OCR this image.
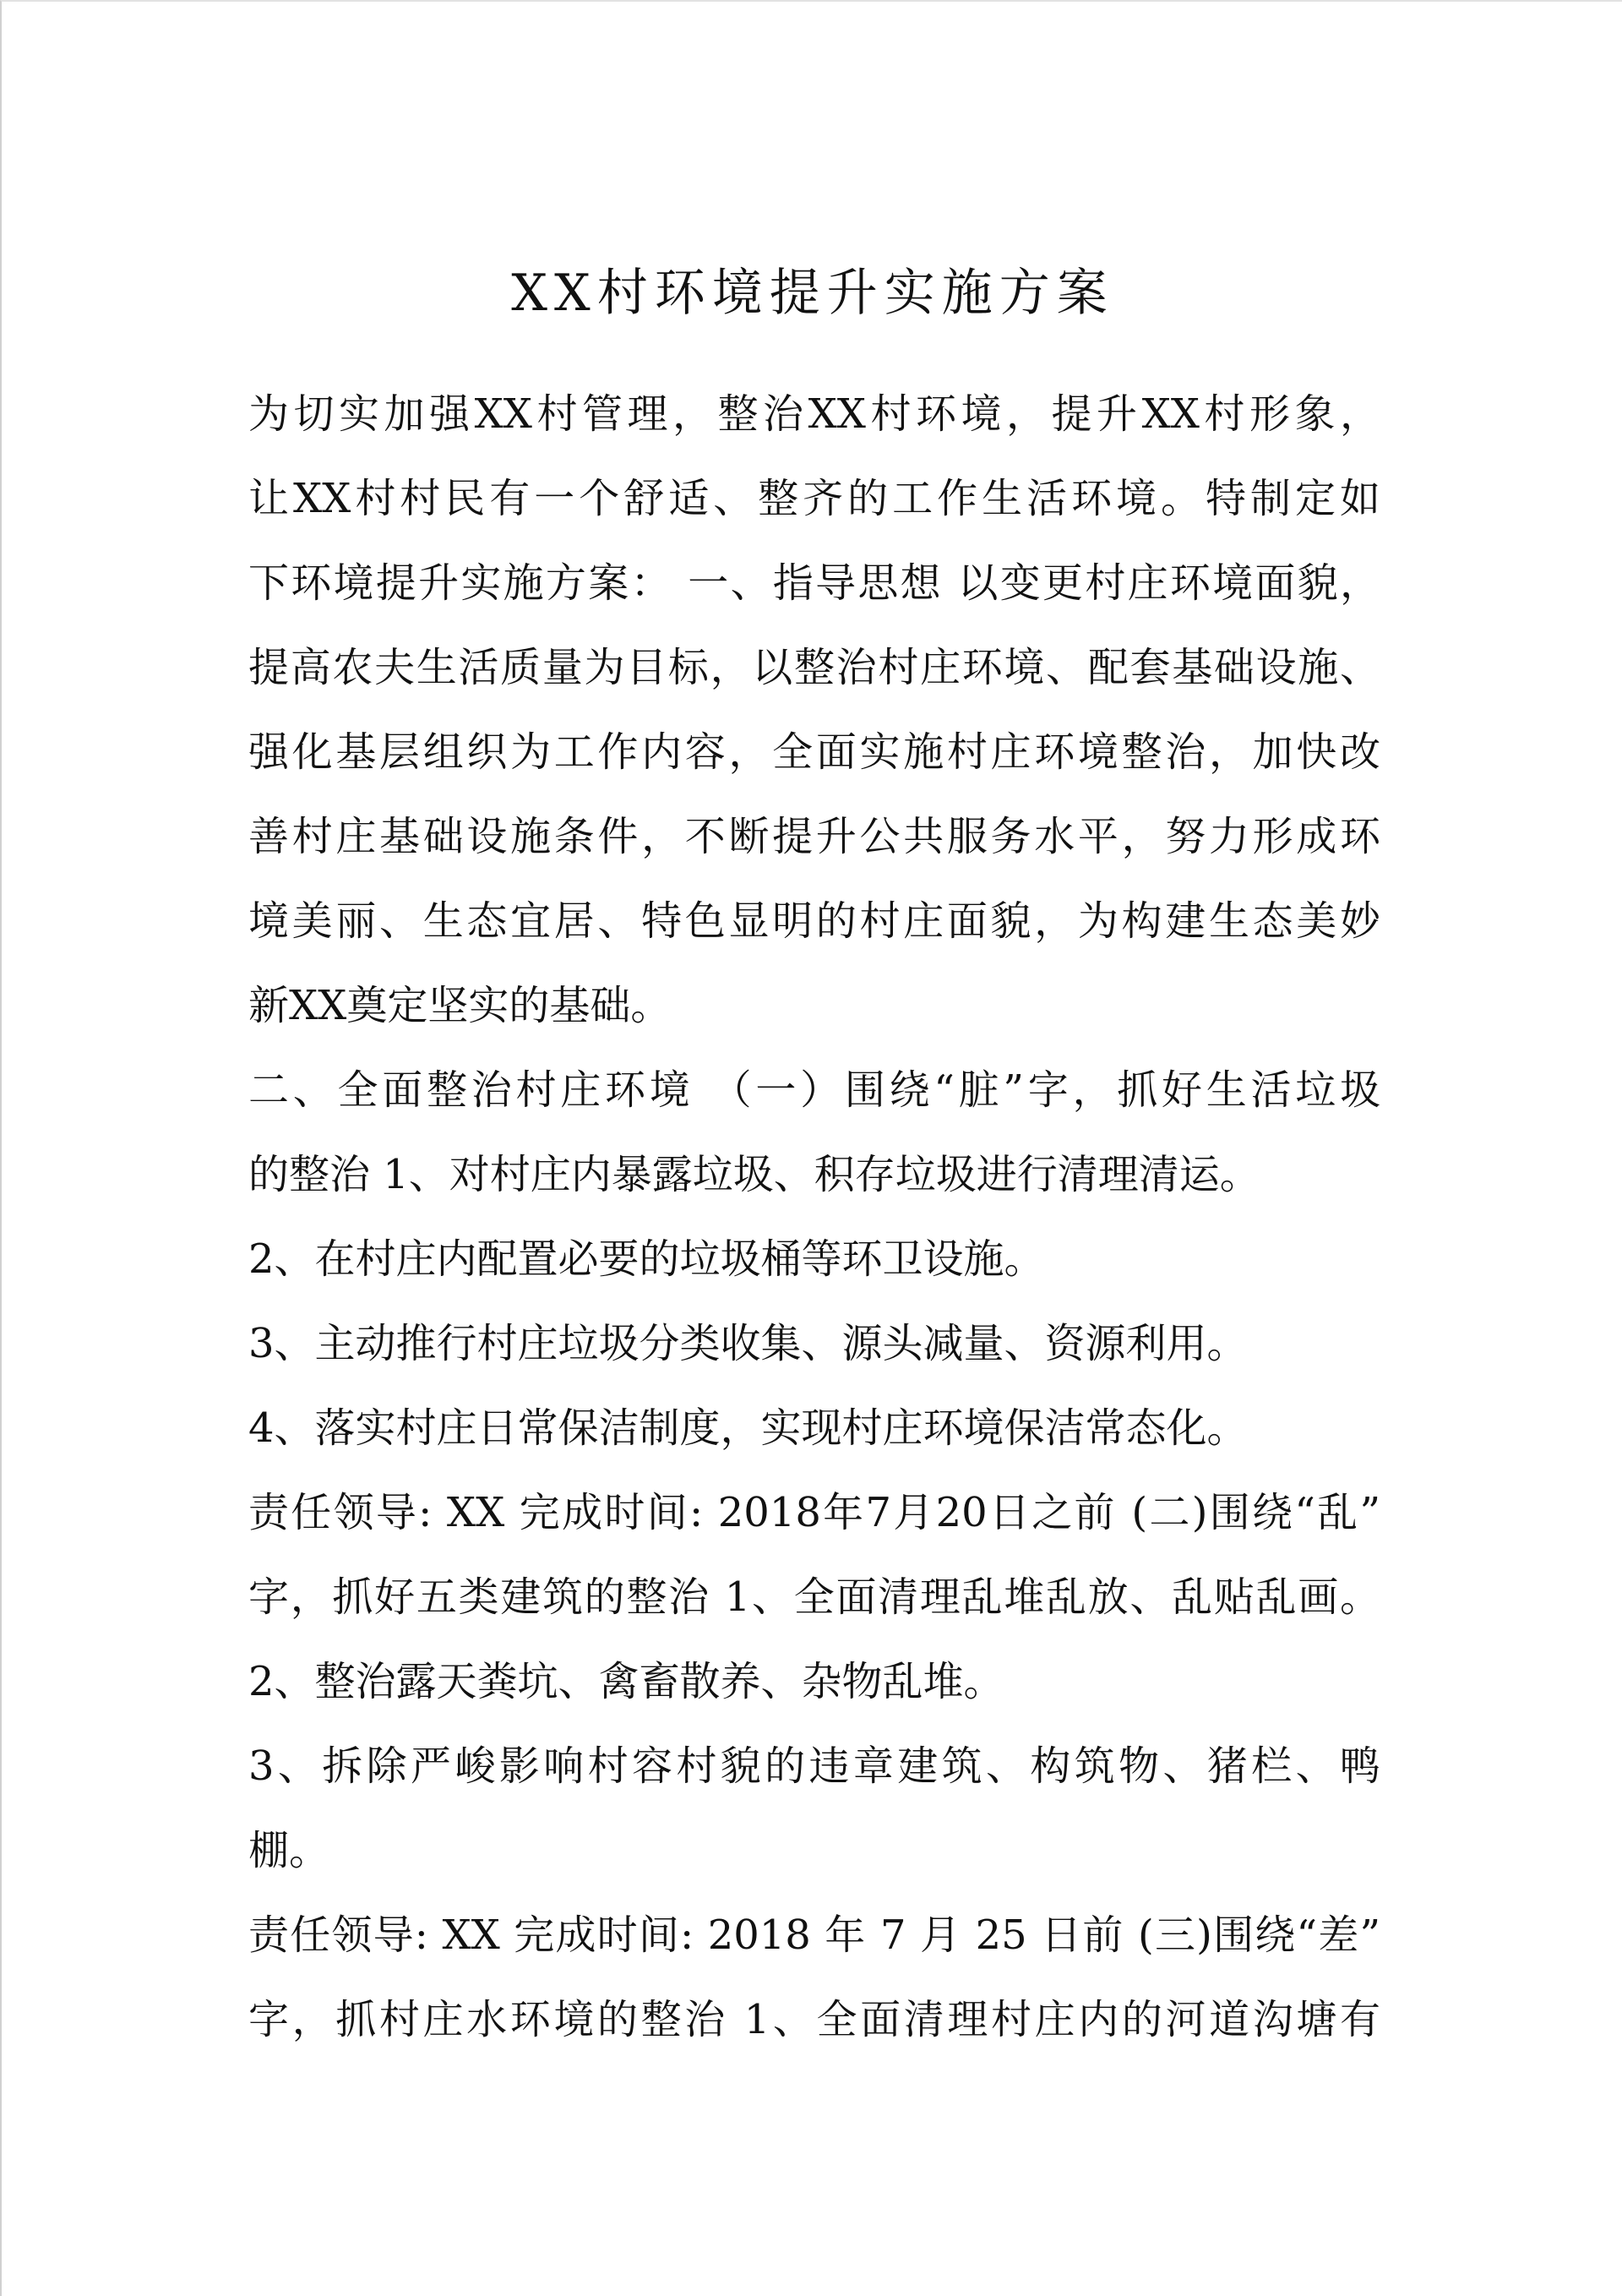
XX村环境提升实施方案
为切实加强XX村管理，整治XX村环境，提升XX村形象，
让XX村村民有一个舒适、整齐的工作生活环境。特制定如
下环境提升实施方案： 一、指导思想 以变更村庄环境面貌，
提高农夫生活质量为目标，以整治村庄环境、配套基础设施、
强化基层组织为工作内容，全面实施村庄环境整治，加快改
善村庄基础设施条件，不断提升公共服务水平，努力形成环
境美丽、生态宜居、特色显明的村庄面貌，为构建生态美妙
新XX奠定坚实的基础。
二、全面整治村庄环境 （一）围绕“脏”字，抓好生活垃圾
的整治 1、对村庄内暴露垃圾、积存垃圾进行清理清运。
2、在村庄内配置必要的垃圾桶等环卫设施。
3、主动推行村庄垃圾分类收集、源头减量、资源利用。
4、落实村庄日常保洁制度，实现村庄环境保洁常态化。
责任领导: XX 完成时间: 2018年7月20日之前 (二)围绕“乱”
字，抓好五类建筑的整治 1、全面清理乱堆乱放、乱贴乱画。
2、整治露天粪坑、禽畜散养、杂物乱堆。
3、拆除严峻影响村容村貌的违章建筑、构筑物、猪栏、鸭
棚。
责任领导: XX 完成时间: 2018 年 7 月 25 日前 (三)围绕“差”
字，抓村庄水环境的整治 1、全面清理村庄内的河道沟塘有
